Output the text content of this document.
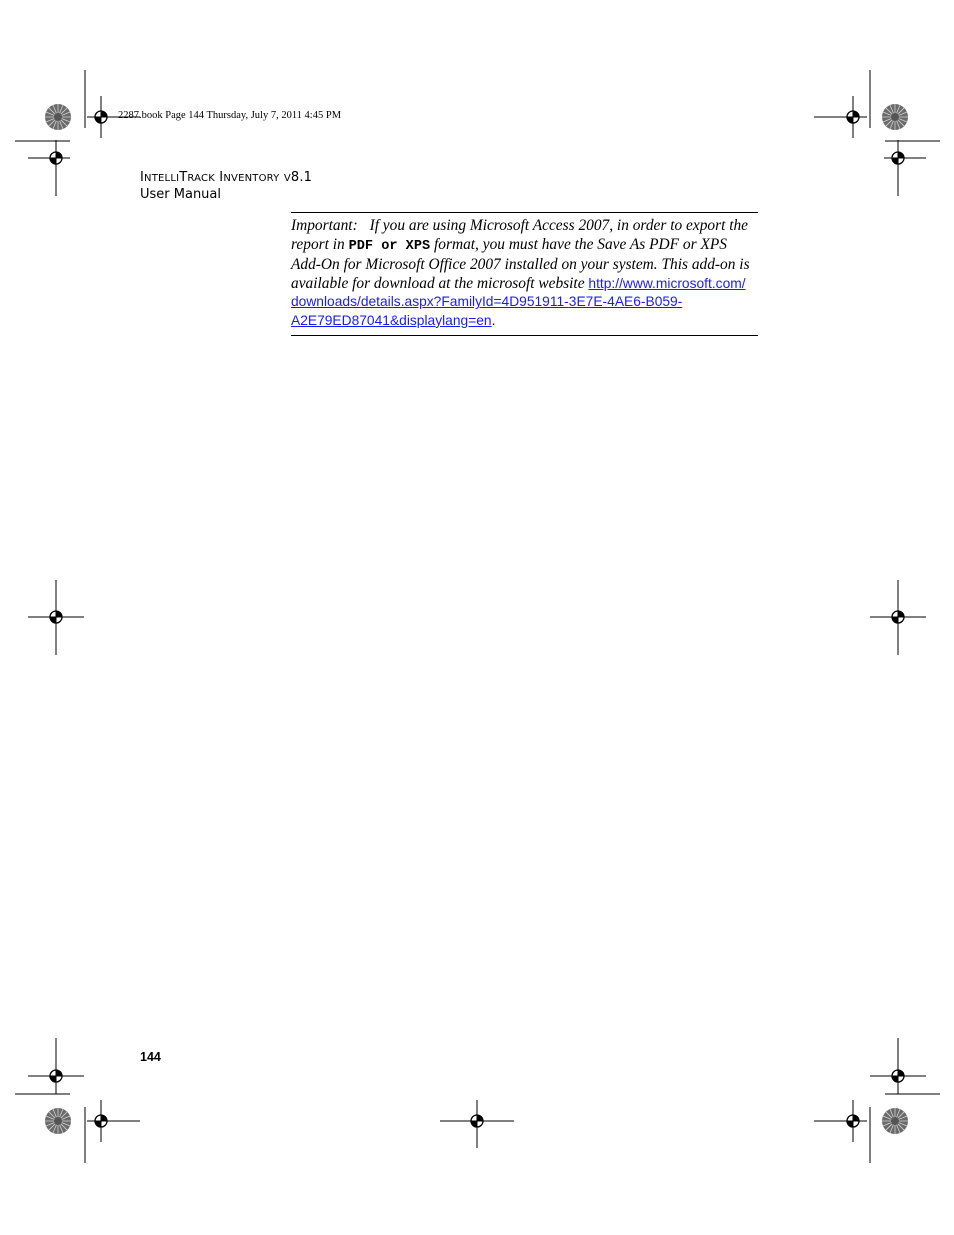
2287.book Page 144 Thursday, July 7, 2011 4:45 PM
INTELLITRACK INVENTORY V8.1
User Manual

Important: If you are using Microsoft Access 2007, in order to export the report in PDF or XPS format, you must have the Save As PDF or XPS Add-On for Microsoft Office 2007 installed on your system. This add-on is available for download at the microsoft website http://www.microsoft.com/downloads/details.aspx?FamilyId=4D951911-3E7E-4AE6-B059-A2E79ED87041&displaylang=en.

144
